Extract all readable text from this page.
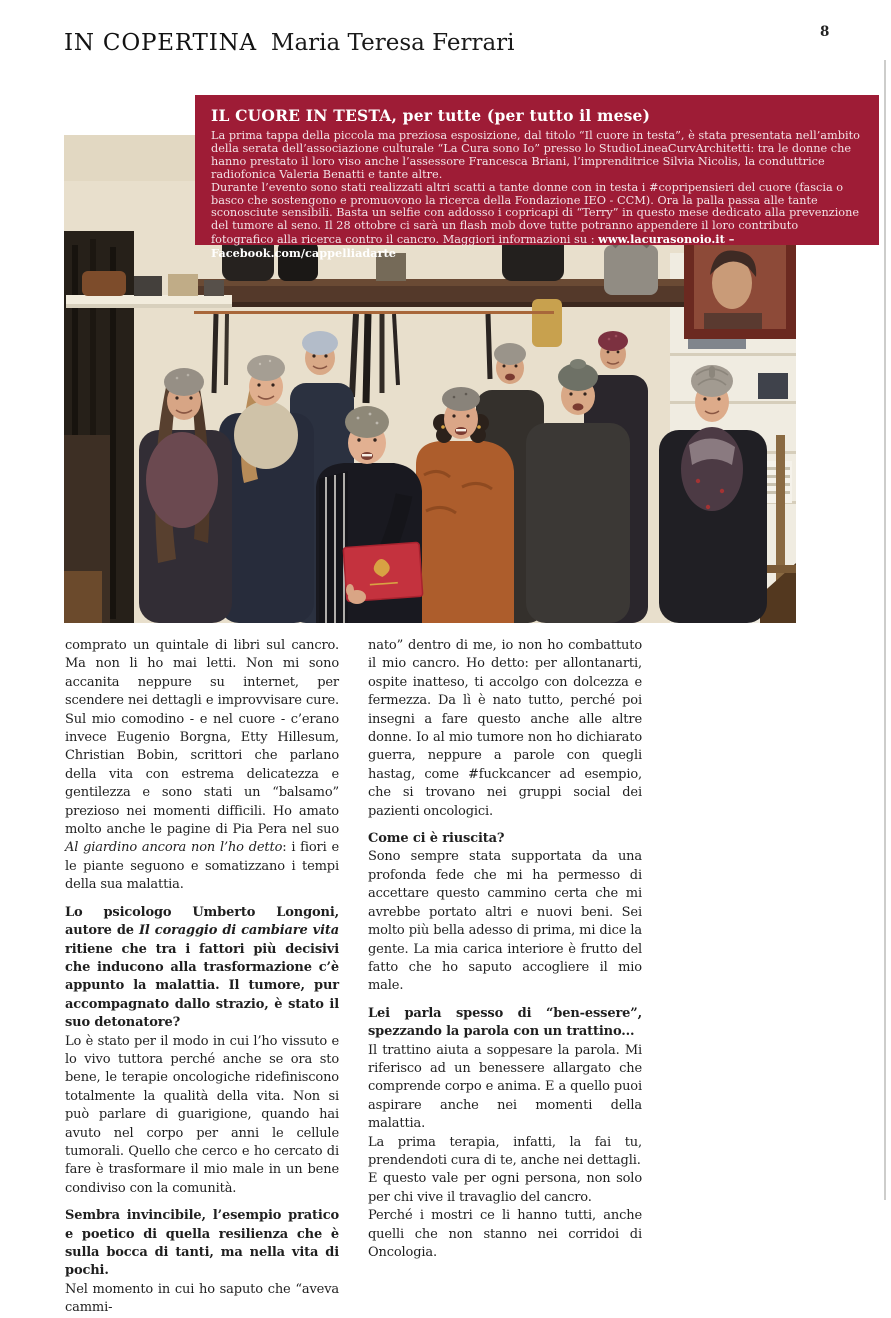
IN COPERTINA Maria Teresa Ferrari	8
IL CUORE IN TESTA, per tutte (per tutto il mese)

La prima tappa della piccola ma preziosa esposizione, dal titolo “Il cuore in testa”, è stata presentata nell’ambito della serata dell’associazione culturale “La Cura sono Io” presso lo StudioLineaCurvArchitetti: tra le donne che hanno prestato il loro viso anche l’assessore Francesca Briani, l’imprenditrice Silvia Nicolis, la conduttrice radiofonica Valeria Benatti e tante altre.

Durante l’evento sono stati realizzati altri scatti a tante donne con in testa i #copripensieri del cuore (fascia o basco che sostengono e promuovono la ricerca della Fondazione IEO - CCM). Ora la palla passa alle tante sconosciute sensibili. Basta un selfie con addosso i copricapi di “Terry” in questo mese dedicato alla prevenzione del tumore al seno. Il 28 ottobre ci sarà un flash mob dove tutte potranno appendere il loro contributo fotografico alla ricerca contro il cancro. Maggiori informazioni su : www.lacurasonoio.it – Facebook.com/cappelliadarte

comprato un quintale di libri sul cancro. Ma non li ho mai letti. Non mi sono accanita neppure su internet, per scendere nei dettagli e improvvisare cure. Sul mio comodino - e nel cuore - c’erano invece Eugenio Borgna, Etty Hillesum, Christian Bobin, scrittori che parlano della vita con estrema delicatezza e gentilezza e sono stati un “balsamo” prezioso nei momenti difficili. Ho amato molto anche le pagine di Pia Pera nel suo Al giardino ancora non l’ho detto: i fiori e le piante seguono e somatizzano i tempi della sua malattia.

Lo psicologo Umberto Longoni, autore de Il coraggio di cambiare vita ritiene che tra i fattori più decisivi che inducono alla trasformazione c’è appunto la malattia. Il tumore, pur accompagnato dallo strazio, è stato il suo detonatore?

Lo è stato per il modo in cui l’ho vissuto e lo vivo tuttora perché anche se ora sto bene, le terapie oncologiche ridefiniscono totalmente la qualità della vita. Non si può parlare di guarigione, quando hai avuto nel corpo per anni le cellule tumorali. Quello che cerco e ho cercato di fare è trasformare il mio male in un bene condiviso con la comunità.

Sembra invincibile, l’esempio pratico e poetico di quella resilienza che è sulla bocca di tanti, ma nella vita di pochi.

Nel momento in cui ho saputo che “aveva cammi-

nato” dentro di me, io non ho combattuto il mio cancro. Ho detto: per allontanarti, ospite inatteso, ti accolgo con dolcezza e fermezza. Da lì è nato tutto, perché poi insegni a fare questo anche alle altre donne. Io al mio tumore non ho dichiarato guerra, neppure a parole con quegli hastag, come #fuckcancer ad esempio, che si trovano nei gruppi social dei pazienti oncologici.

Come ci è riuscita?

Sono sempre stata supportata da una profonda fede che mi ha permesso di accettare questo cammino certa che mi avrebbe portato altri e nuovi beni. Sei molto più bella adesso di prima, mi dice la gente. La mia carica interiore è frutto del fatto che ho saputo accogliere il mio male.

Lei parla spesso di “ben-essere”, spezzando la parola con un trattino...

Il trattino aiuta a soppesare la parola. Mi riferisco ad un benessere allargato che comprende corpo e anima. E a quello puoi aspirare anche nei momenti della malattia.

La prima terapia, infatti, la fai tu, prendendoti cura di te, anche nei dettagli.

E questo vale per ogni persona, non solo per chi vive il travaglio del cancro.

Perché i mostri ce li hanno tutti, anche quelli che non stanno nei corridoi di Oncologia.
